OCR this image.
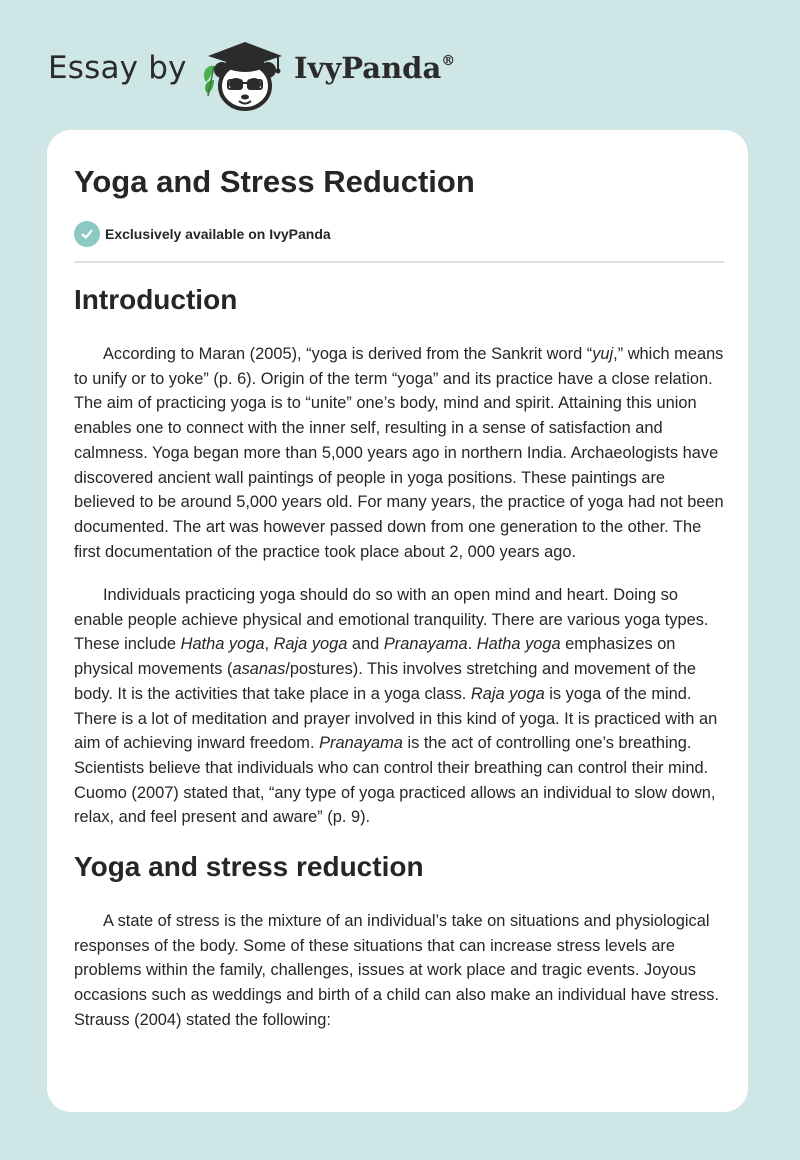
Essay by	IvyPanda®
Yoga and Stress Reduction
Exclusively available on IvyPanda
Introduction

According to Maran (2005), “yoga is derived from the Sankrit word “yuj,” which means to unify or to yoke” (p. 6). Origin of the term “yoga” and its practice have a close relation. The aim of practicing yoga is to “unite” one’s body, mind and spirit. Attaining this union enables one to connect with the inner self, resulting in a sense of satisfaction and calmness. Yoga began more than 5,000 years ago in northern India. Archaeologists have discovered ancient wall paintings of people in yoga positions. These paintings are believed to be around 5,000 years old. For many years, the practice of yoga had not been documented. The art was however passed down from one generation to the other. The first documentation of the practice took place about 2, 000 years ago.

Individuals practicing yoga should do so with an open mind and heart. Doing so enable people achieve physical and emotional tranquility. There are various yoga types. These include Hatha yoga, Raja yoga and Pranayama. Hatha yoga emphasizes on physical movements (asanas/postures). This involves stretching and movement of the body. It is the activities that take place in a yoga class. Raja yoga is yoga of the mind. There is a lot of meditation and prayer involved in this kind of yoga. It is practiced with an aim of achieving inward freedom. Pranayama is the act of controlling one’s breathing. Scientists believe that individuals who can control their breathing can control their mind. Cuomo (2007) stated that, “any type of yoga practiced allows an individual to slow down, relax, and feel present and aware” (p. 9).

Yoga and stress reduction

A state of stress is the mixture of an individual’s take on situations and physiological responses of the body. Some of these situations that can increase stress levels are problems within the family, challenges, issues at work place and tragic events. Joyous occasions such as weddings and birth of a child can also make an individual have stress. Strauss (2004) stated the following:
